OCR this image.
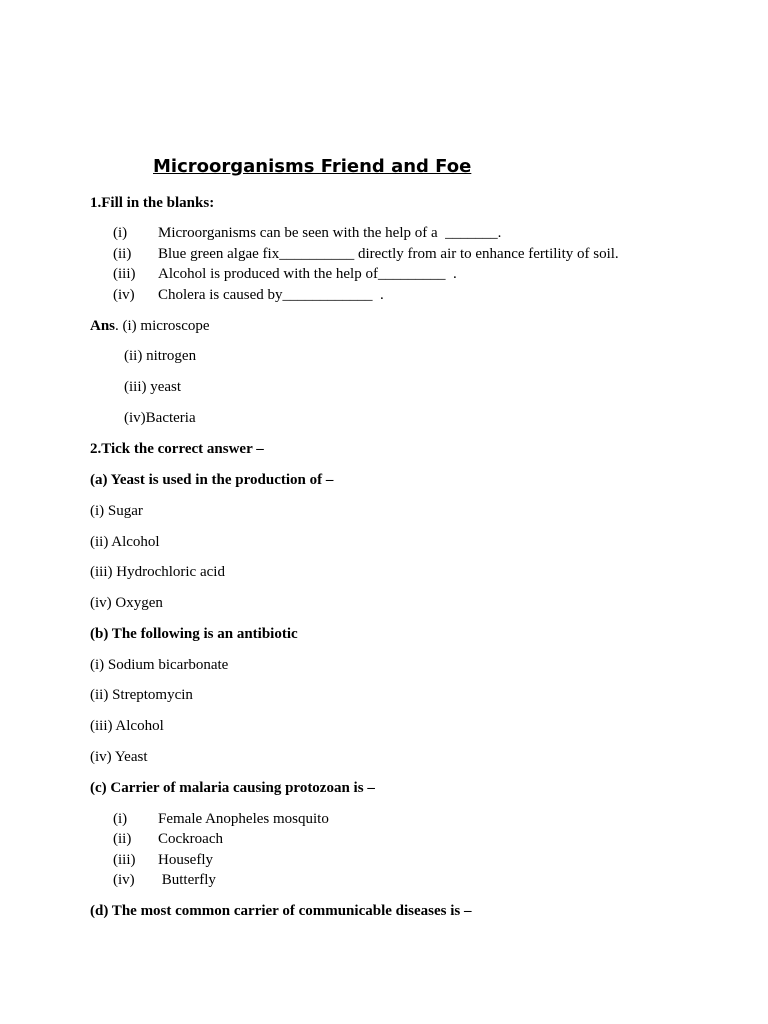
Microorganisms Friend and Foe
1.Fill in the blanks:
(i) Microorganisms can be seen with the help of a  _______.
(ii) Blue green algae fix__________ directly from air to enhance fertility of soil.
(iii) Alcohol is produced with the help of_________  .
(iv) Cholera is caused by____________  .
Ans. (i) microscope
(ii) nitrogen
(iii) yeast
(iv)Bacteria
2.Tick the correct answer –
(a) Yeast is used in the production of –
(i) Sugar
(ii) Alcohol
(iii) Hydrochloric acid
(iv) Oxygen
(b) The following is an antibiotic
(i) Sodium bicarbonate
(ii) Streptomycin
(iii) Alcohol
(iv) Yeast
(c) Carrier of malaria causing protozoan is –
(i) Female Anopheles mosquito
(ii) Cockroach
(iii) Housefly
(iv) Butterfly
(d) The most common carrier of communicable diseases is –
